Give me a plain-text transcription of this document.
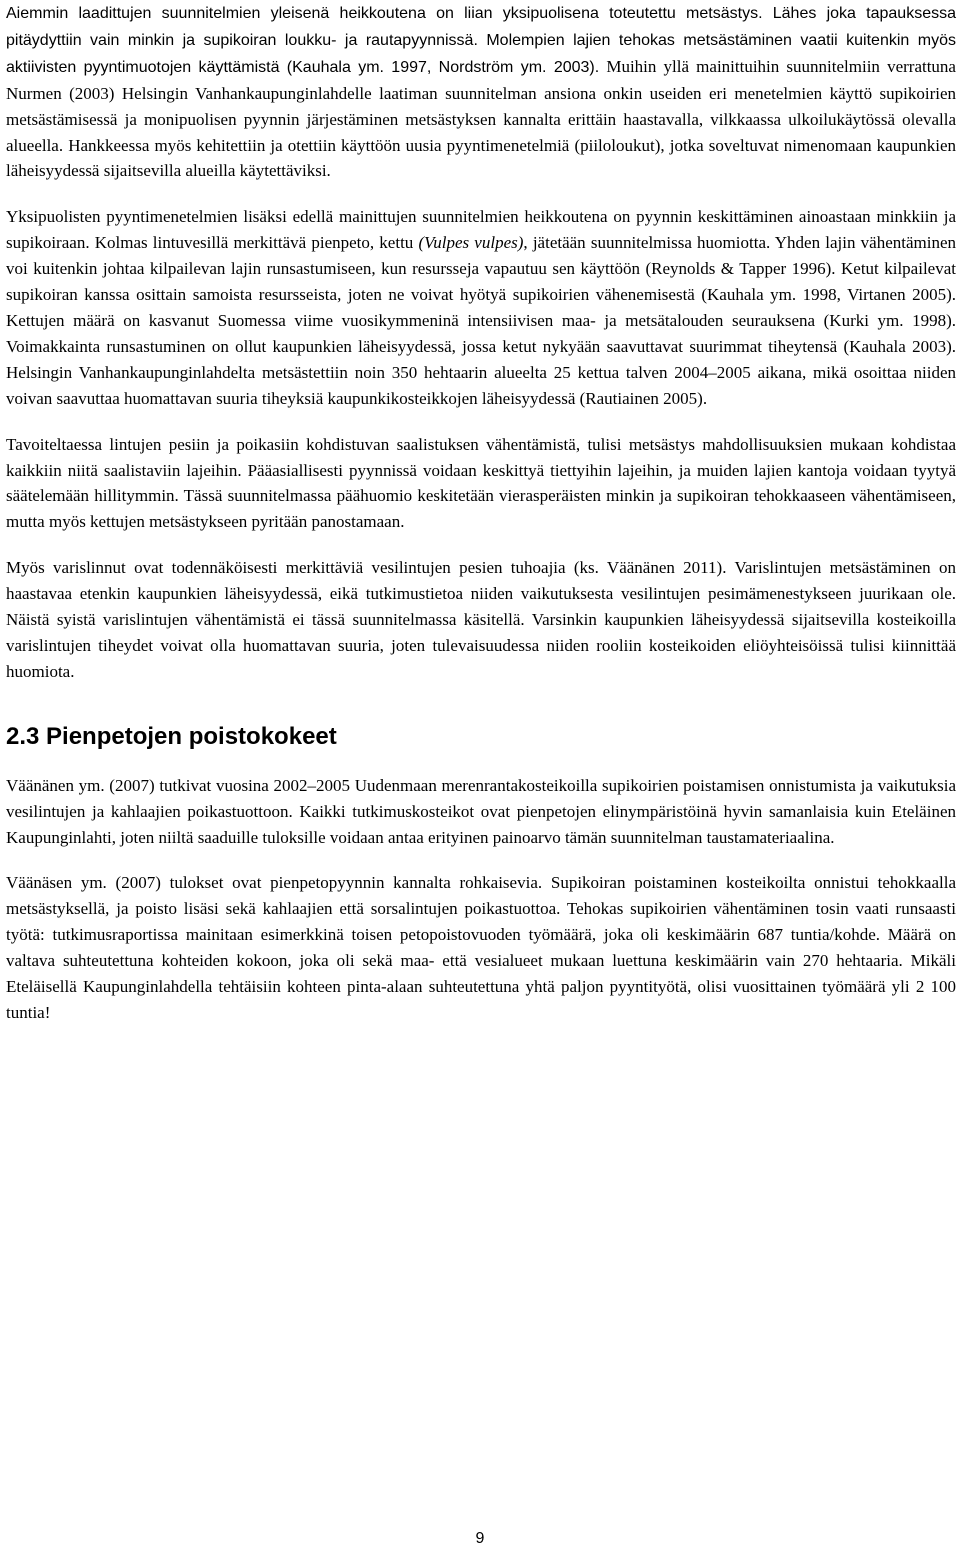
Aiemmin laadittujen suunnitelmien yleisenä heikkoutena on liian yksipuolisena toteutettu metsästys. Lähes joka tapauksessa pitäydyttiin vain minkin ja supikoiran loukku- ja rautapyynnissä. Molempien lajien tehokas metsästäminen vaatii kuitenkin myös aktiivisten pyyntimuotojen käyttämistä (Kauhala ym. 1997, Nordström ym. 2003). Muihin yllä mainittuihin suunnitelmiin verrattuna Nurmen (2003) Helsingin Vanhankaupunginlahdelle laatiman suunnitelman ansiona onkin useiden eri menetelmien käyttö supikoirien metsästämisessä ja monipuolisen pyynnin järjestäminen metsästyksen kannalta erittäin haastavalla, vilkkaassa ulkoilukäytössä olevalla alueella. Hankkeessa myös kehitettiin ja otettiin käyttöön uusia pyyntimenetelmiä (piiloloukut), jotka soveltuvat nimenomaan kaupunkien läheisyydessä sijaitsevilla alueilla käytettäviksi.

Yksipuolisten pyyntimenetelmien lisäksi edellä mainittujen suunnitelmien heikkoutena on pyynnin keskittäminen ainoastaan minkkiin ja supikoiraan. Kolmas lintuvesillä merkittävä pienpeto, kettu (Vulpes vulpes), jätetään suunnitelmissa huomiotta. Yhden lajin vähentäminen voi kuitenkin johtaa kilpailevan lajin runsastumiseen, kun resursseja vapautuu sen käyttöön (Reynolds & Tapper 1996). Ketut kilpailevat supikoiran kanssa osittain samoista resursseista, joten ne voivat hyötyä supikoirien vähenemisestä (Kauhala ym. 1998, Virtanen 2005). Kettujen määrä on kasvanut Suomessa viime vuosikymmeninä intensiivisen maa- ja metsätalouden seurauksena (Kurki ym. 1998). Voimakkainta runsastuminen on ollut kaupunkien läheisyydessä, jossa ketut nykyään saavuttavat suurimmat tiheytensä (Kauhala 2003). Helsingin Vanhankaupunginlahdelta metsästettiin noin 350 hehtaarin alueelta 25 kettua talven 2004–2005 aikana, mikä osoittaa niiden voivan saavuttaa huomattavan suuria tiheyksiä kaupunkikosteikkojen läheisyydessä (Rautiainen 2005).

Tavoiteltaessa lintujen pesiin ja poikasiin kohdistuvan saalistuksen vähentämistä, tulisi metsästys mahdollisuuksien mukaan kohdistaa kaikkiin niitä saalistaviin lajeihin. Pääasiallisesti pyynnissä voidaan keskittyä tiettyihin lajeihin, ja muiden lajien kantoja voidaan tyytyä säätelemään hillitymmin. Tässä suunnitelmassa päähuomio keskitetään vierasperäisten minkin ja supikoiran tehokkaaseen vähentämiseen, mutta myös kettujen metsästykseen pyritään panostamaan.

Myös varislinnut ovat todennäköisesti merkittäviä vesilintujen pesien tuhoajia (ks. Väänänen 2011). Varislintujen metsästäminen on haastavaa etenkin kaupunkien läheisyydessä, eikä tutkimustietoa niiden vaikutuksesta vesilintujen pesimämenestykseen juurikaan ole. Näistä syistä varislintujen vähentämistä ei tässä suunnitelmassa käsitellä. Varsinkin kaupunkien läheisyydessä sijaitsevilla kosteikoilla varislintujen tiheydet voivat olla huomattavan suuria, joten tulevaisuudessa niiden rooliin kosteikoiden eliöyhteisöissä tulisi kiinnittää huomiota.

2.3 Pienpetojen poistokokeet

Väänänen ym. (2007) tutkivat vuosina 2002–2005 Uudenmaan merenrantakosteikoilla supikoirien poistamisen onnistumista ja vaikutuksia vesilintujen ja kahlaajien poikastuottoon. Kaikki tutkimuskosteikot ovat pienpetojen elinympäristöinä hyvin samanlaisia kuin Eteläinen Kaupunginlahti, joten niiltä saaduille tuloksille voidaan antaa erityinen painoarvo tämän suunnitelman taustamateriaalina.

Väänäsen ym. (2007) tulokset ovat pienpetopyynnin kannalta rohkaisevia. Supikoiran poistaminen kosteikoilta onnistui tehokkaalla metsästyksellä, ja poisto lisäsi sekä kahlaajien että sorsalintujen poikastuottoa. Tehokas supikoirien vähentäminen tosin vaati runsaasti työtä: tutkimusraportissa mainitaan esimerkkinä toisen petopoistovuoden työmäärä, joka oli keskimäärin 687 tuntia/kohde. Määrä on valtava suhteutettuna kohteiden kokoon, joka oli sekä maa- että vesialueet mukaan luettuna keskimäärin vain 270 hehtaaria. Mikäli Eteläisellä Kaupunginlahdella tehtäisiin kohteen pinta-alaan suhteutettuna yhtä paljon pyyntityötä, olisi vuosittainen työmäärä yli 2 100 tuntia!

9
